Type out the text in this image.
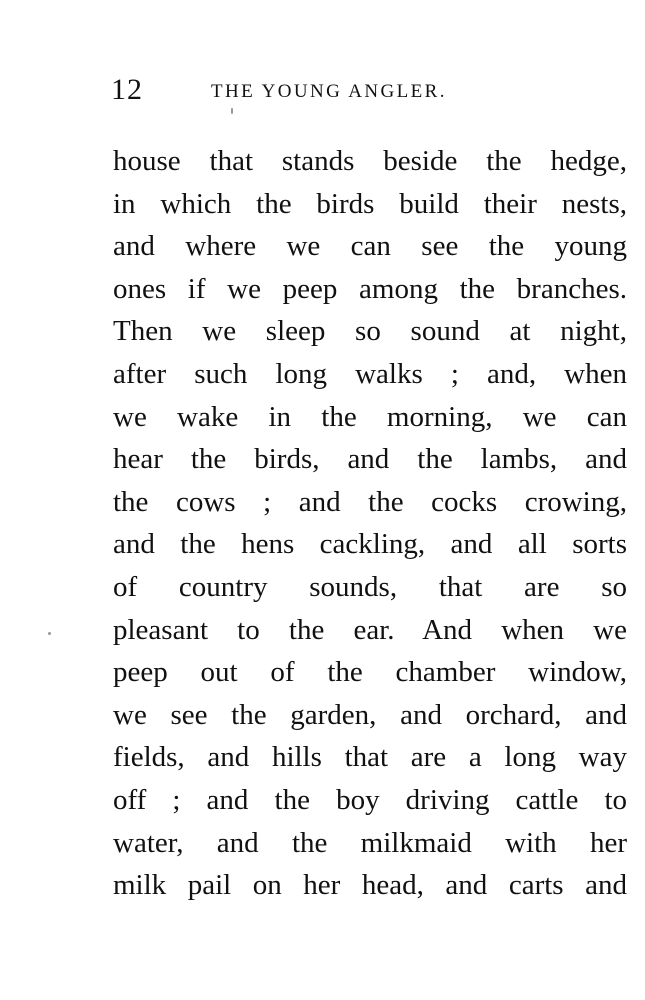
12	THE YOUNG ANGLER.
house that stands beside the hedge,
in which the birds build their nests,
and where we can see the young
ones if we peep among the branches.
Then we sleep so sound at night,
after such long walks ; and, when
we wake in the morning, we can
hear the birds, and the lambs, and
the cows ; and the cocks crowing,
and the hens cackling, and all sorts
of country sounds, that are so
pleasant to the ear. And when we
peep out of the chamber window,
we see the garden, and orchard, and
fields, and hills that are a long way
off ; and the boy driving cattle to
water, and the milkmaid with her
milk pail on her head, and carts and
